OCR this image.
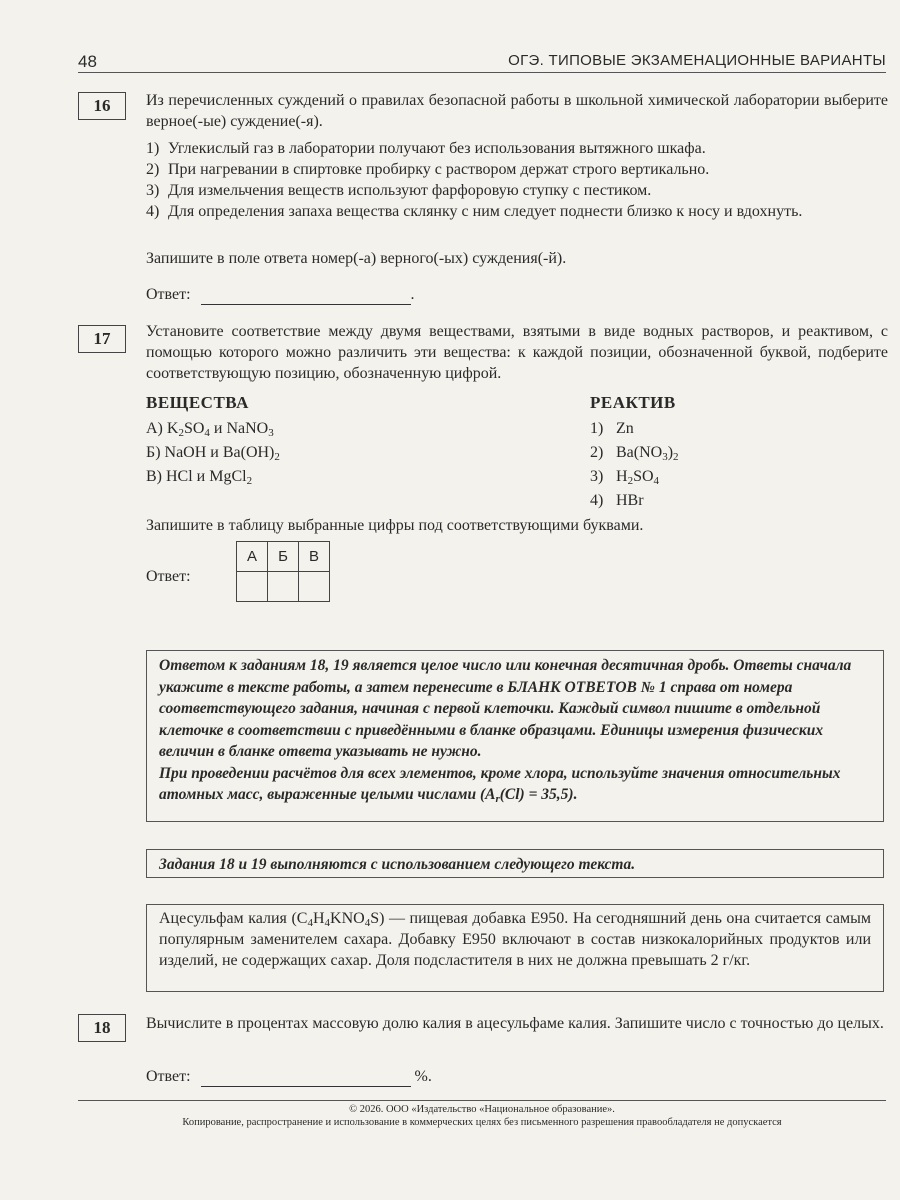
48	ОГЭ. ТИПОВЫЕ ЭКЗАМЕНАЦИОННЫЕ ВАРИАНТЫ
16	Из перечисленных суждений о правилах безопасной работы в школьной химической лаборатории выберите верное(-ые) суждение(-я).

1) Углекислый газ в лаборатории получают без использования вытяжного шкафа.
2) При нагревании в спиртовке пробирку с раствором держат строго вертикально.
3) Для измельчения веществ используют фарфоровую ступку с пестиком.
4) Для определения запаха вещества склянку с ним следует поднести близко к носу и вдохнуть.
Запишите в поле ответа номер(-а) верного(-ых) суждения(-й).
Ответ:	.
17	Установите соответствие между двумя веществами, взятыми в виде водных растворов, и реактивом, с помощью которого можно различить эти вещества: к каждой позиции, обозначенной буквой, подберите соответствующую позицию, обозначенную цифрой.

ВЕЩЕСТВА	РЕАКТИВ
А) $K_2SO_4$ и NaNO$_3$
Б) NaOH и $Ba(OH)_2$
В) HCl и MgCl$_2$
1) Zn
2) $Ba(NO_3)_2$
3) $H_2SO_4$
4) HBr
Запишите в таблицу выбранные цифры под соответствующими буквами.
Ответ:
А	Б	В

Ответом к заданиям 18, 19 является целое число или конечная десятичная дробь. Ответы сначала укажите в тексте работы, а затем перенесите в БЛАНК ОТВЕТОВ № 1 справа от номера соответствующего задания, начиная с первой клеточки. Каждый символ пишите в отдельной клеточке в соответствии с приведёнными в бланке образцами. Единицы измерения физических величин в бланке ответа указывать не нужно.
При проведении расчётов для всех элементов, кроме хлора, используйте значения относительных атомных масс, выраженные целыми числами $(A_r(Cl) = 35,5)$.
Задания 18 и 19 выполняются с использованием следующего текста.
Ацесульфам калия $(C_4H_4KNO_4S)$ — пищевая добавка Е950. На сегодняшний день она считается самым популярным заменителем сахара. Добавку Е950 включают в состав низкокалорийных продуктов или изделий, не содержащих сахар. Доля подсластителя в них не должна превышать 2 г/кг.
18	Вычислите в процентах массовую долю калия в ацесульфаме калия. Запишите число с точностью до целых.

Ответ:	%.
© 2026. ООО «Издательство «Национальное образование».
Копирование, распространение и использование в коммерческих целях без письменного разрешения правообладателя не допускается
